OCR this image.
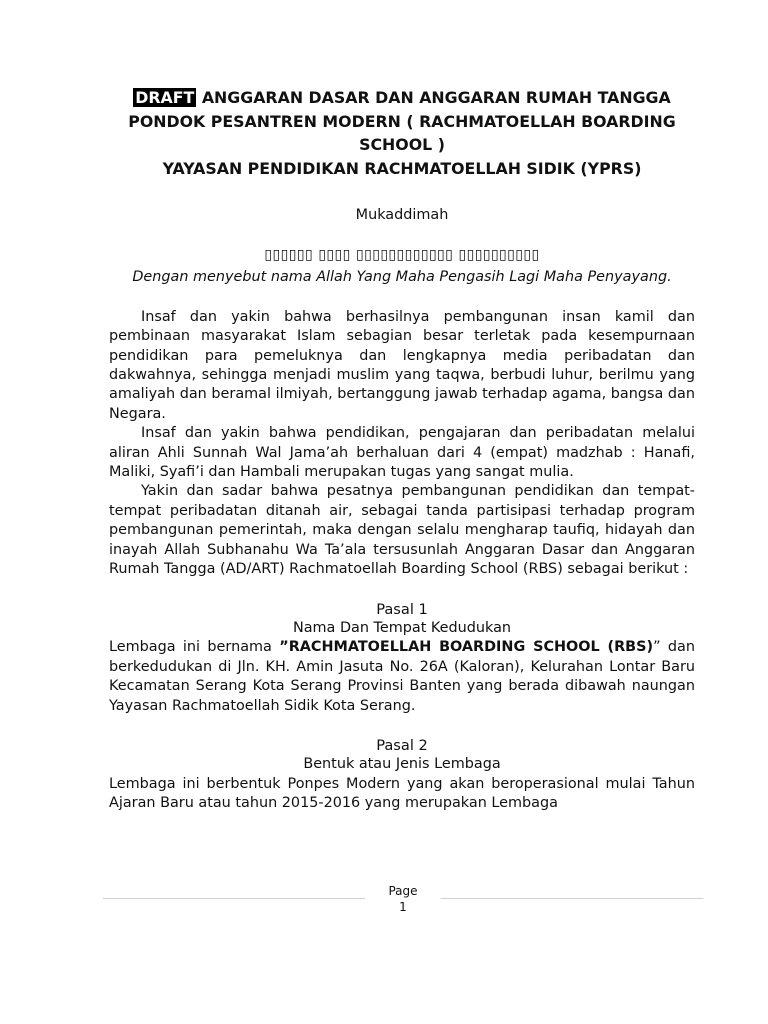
DRAFT ANGGARAN DASAR DAN ANGGARAN RUMAH TANGGA
PONDOK PESANTREN MODERN ( RACHMATOELLAH BOARDING SCHOOL )
YAYASAN PENDIDIKAN RACHMATOELLAH SIDIK (YPRS)

Mukaddimah
▯▯▯▯▯▯ ▯▯▯▯ ▯▯▯▯▯▯▯▯▯▯▯▯ ▯▯▯▯▯▯▯▯▯▯
Dengan menyebut nama Allah Yang Maha Pengasih Lagi Maha Penyayang.

Insaf dan yakin bahwa berhasilnya pembangunan insan kamil dan pembinaan masyarakat Islam sebagian besar terletak pada kesempurnaan pendidikan para pemeluknya dan lengkapnya media peribadatan dan dakwahnya, sehingga menjadi muslim yang taqwa, berbudi luhur, berilmu yang amaliyah dan beramal ilmiyah, bertanggung jawab terhadap agama, bangsa dan Negara.

Insaf dan yakin bahwa pendidikan, pengajaran dan peribadatan melalui aliran Ahli Sunnah Wal Jama’ah berhaluan dari 4 (empat) madzhab : Hanafi, Maliki, Syafi’i dan Hambali merupakan tugas yang sangat mulia.

Yakin dan sadar bahwa pesatnya pembangunan pendidikan dan tempat-tempat peribadatan ditanah air, sebagai tanda partisipasi terhadap program pembangunan pemerintah, maka dengan selalu mengharap taufiq, hidayah dan inayah Allah Subhanahu Wa Ta’ala tersusunlah Anggaran Dasar dan Anggaran Rumah Tangga (AD/ART) Rachmatoellah Boarding School (RBS) sebagai berikut :

Pasal 1
Nama Dan Tempat Kedudukan

Lembaga ini bernama ”RACHMATOELLAH BOARDING SCHOOL (RBS)” dan berkedudukan di Jln. KH. Amin Jasuta No. 26A (Kaloran), Kelurahan Lontar Baru Kecamatan Serang Kota Serang Provinsi Banten yang berada dibawah naungan Yayasan Rachmatoellah Sidik Kota Serang.

Pasal 2
Bentuk atau Jenis Lembaga

Lembaga ini berbentuk Ponpes Modern yang akan beroperasional mulai Tahun Ajaran Baru atau tahun 2015-2016 yang merupakan Lembaga

Page
1
